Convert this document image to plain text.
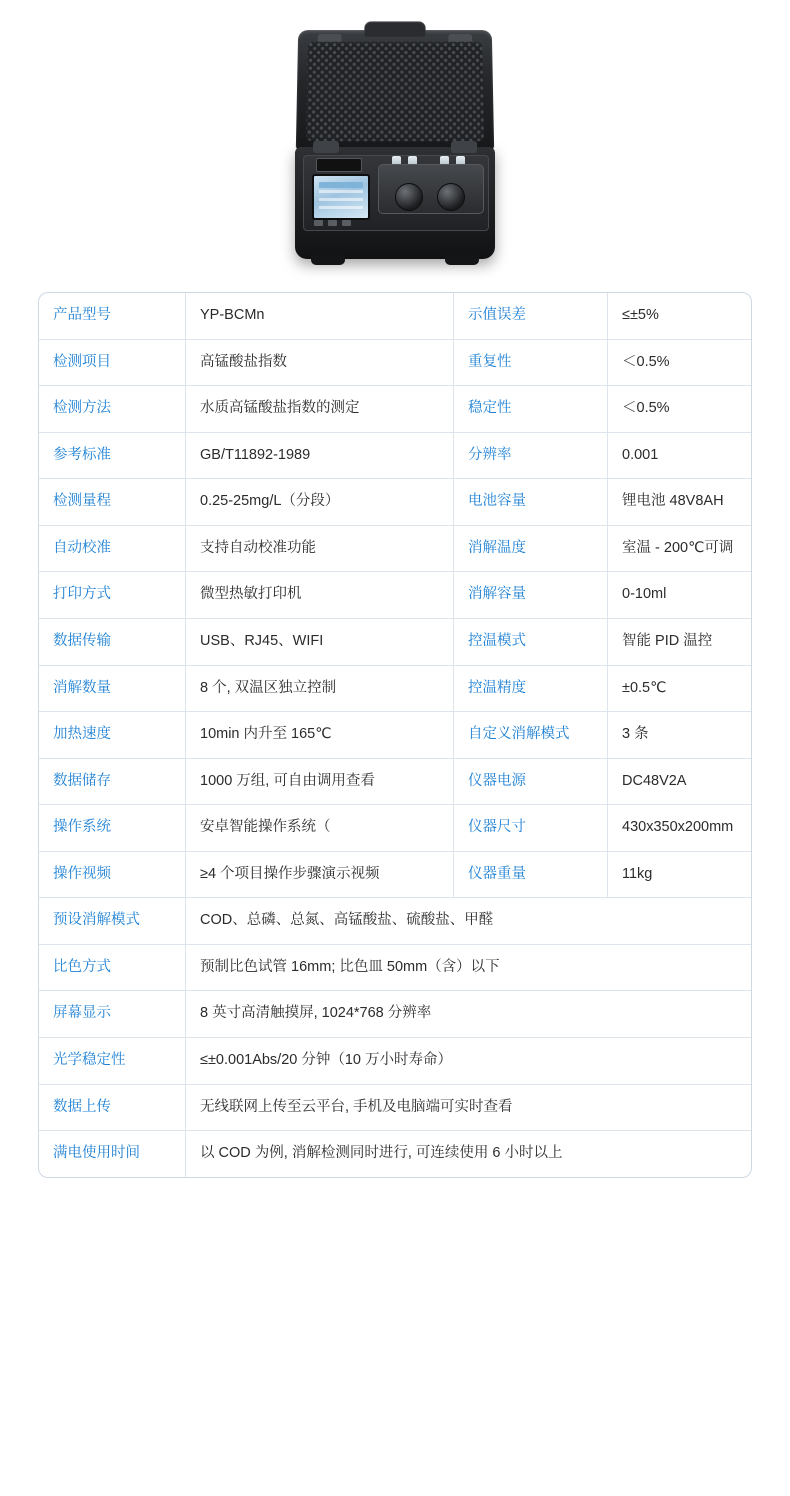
产品型号	YP-BCMn	示值误差	≤±5%
检测项目	高锰酸盐指数	重复性	＜0.5%
检测方法	水质高锰酸盐指数的测定	稳定性	＜0.5%
参考标准	GB/T11892-1989	分辨率	0.001
检测量程	0.25-25mg/L（分段）	电池容量	锂电池 48V8AH
自动校准	支持自动校准功能	消解温度	室温 - 200℃可调
打印方式	微型热敏打印机	消解容量	0-10ml
数据传输	USB、RJ45、WIFI	控温模式	智能 PID 温控
消解数量	8 个, 双温区独立控制	控温精度	±0.5℃
加热速度	10min 内升至 165℃	自定义消解模式	3 条
数据储存	1000 万组, 可自由调用查看	仪器电源	DC48V2A
操作系统	安卓智能操作系统（	仪器尺寸	430x350x200mm
操作视频	≥4 个项目操作步骤演示视频	仪器重量	11kg
预设消解模式	COD、总磷、总氮、高锰酸盐、硫酸盐、甲醛		
比色方式	预制比色试管 16mm; 比色皿 50mm（含）以下		
屏幕显示	8 英寸高清触摸屏, 1024*768 分辨率		
光学稳定性	≤±0.001Abs/20 分钟（10 万小时寿命）		
数据上传	无线联网上传至云平台, 手机及电脑端可实时查看		
满电使用时间	以 COD 为例, 消解检测同时进行, 可连续使用 6 小时以上		
